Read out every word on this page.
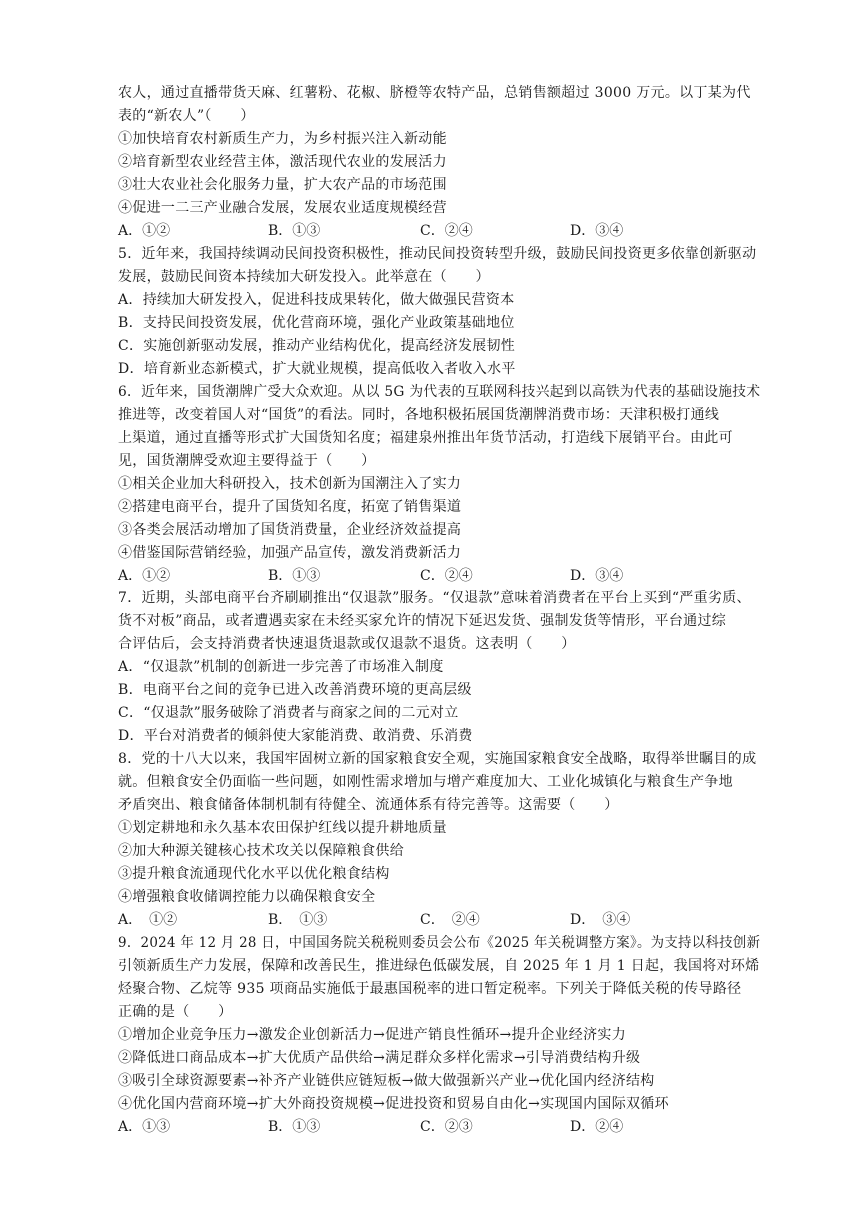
农人，通过直播带货天麻、红薯粉、花椒、脐橙等农特产品，总销售额超过 3000 万元。以丁某为代
表的“新农人”（　　）
①加快培育农村新质生产力，为乡村振兴注入新动能
②培育新型农业经营主体，激活现代农业的发展活力
③壮大农业社会化服务力量，扩大农产品的市场范围
④促进一二三产业融合发展，发展农业适度规模经营
A．①②	B．①③	C．②④	D．③④
5．近年来，我国持续调动民间投资积极性，推动民间投资转型升级，鼓励民间投资更多依靠创新驱动
发展，鼓励民间资本持续加大研发投入。此举意在（　　）
A．持续加大研发投入，促进科技成果转化，做大做强民营资本
B．支持民间投资发展，优化营商环境，强化产业政策基础地位
C．实施创新驱动发展，推动产业结构优化，提高经济发展韧性
D．培育新业态新模式，扩大就业规模，提高低收入者收入水平
6．近年来，国货潮牌广受大众欢迎。从以 5G 为代表的互联网科技兴起到以高铁为代表的基础设施技术
推进等，改变着国人对“国货”的看法。同时，各地积极拓展国货潮牌消费市场：天津积极打通线
上渠道，通过直播等形式扩大国货知名度；福建泉州推出年货节活动，打造线下展销平台。由此可
见，国货潮牌受欢迎主要得益于（　　）
①相关企业加大科研投入，技术创新为国潮注入了实力
②搭建电商平台，提升了国货知名度，拓宽了销售渠道
③各类会展活动增加了国货消费量，企业经济效益提高
④借鉴国际营销经验，加强产品宣传，激发消费新活力
A．①②	B．①③	C．②④	D．③④
7．近期，头部电商平台齐刷刷推出“仅退款”服务。“仅退款”意味着消费者在平台上买到“严重劣质、
货不对板”商品，或者遭遇卖家在未经买家允许的情况下延迟发货、强制发货等情形，平台通过综
合评估后，会支持消费者快速退货退款或仅退款不退货。这表明（　　）
A．“仅退款”机制的创新进一步完善了市场准入制度
B．电商平台之间的竞争已进入改善消费环境的更高层级
C．“仅退款”服务破除了消费者与商家之间的二元对立
D．平台对消费者的倾斜使大家能消费、敢消费、乐消费
8．党的十八大以来，我国牢固树立新的国家粮食安全观，实施国家粮食安全战略，取得举世瞩目的成
就。但粮食安全仍面临一些问题，如刚性需求增加与增产难度加大、工业化城镇化与粮食生产争地
矛盾突出、粮食储备体制机制有待健全、流通体系有待完善等。这需要（　　）
①划定耕地和永久基本农田保护红线以提升耕地质量
②加大种源关键核心技术攻关以保障粮食供给
③提升粮食流通现代化水平以优化粮食结构
④增强粮食收储调控能力以确保粮食安全
A．　①②	B．　①③	C．　②④	D．　③④
9．2024 年 12 月 28 日，中国国务院关税税则委员会公布《2025 年关税调整方案》。为支持以科技创新
引领新质生产力发展，保障和改善民生，推进绿色低碳发展，自 2025 年 1 月 1 日起，我国将对环烯
烃聚合物、乙烷等 935 项商品实施低于最惠国税率的进口暂定税率。下列关于降低关税的传导路径
正确的是（　　）
①增加企业竞争压力→激发企业创新活力→促进产销良性循环→提升企业经济实力
②降低进口商品成本→扩大优质产品供给→满足群众多样化需求→引导消费结构升级
③吸引全球资源要素→补齐产业链供应链短板→做大做强新兴产业→优化国内经济结构
④优化国内营商环境→扩大外商投资规模→促进投资和贸易自由化→实现国内国际双循环
A．①③	B．①③	C．②③	D．②④
